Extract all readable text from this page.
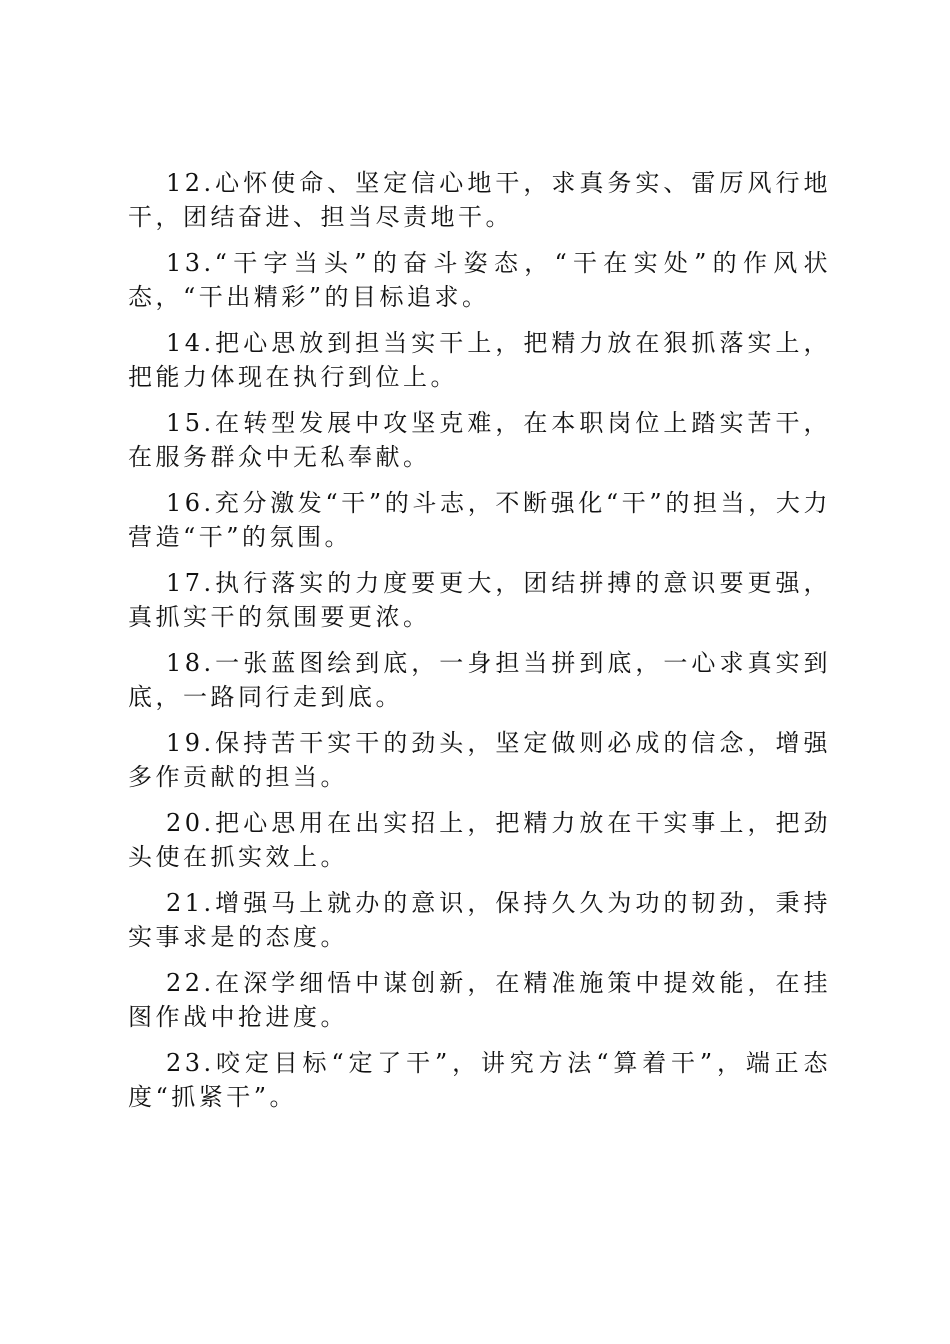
12.心怀使命、坚定信心地干，求真务实、雷厉风行地干，团结奋进、担当尽责地干。

13.“干字当头”的奋斗姿态，“干在实处”的作风状态，“干出精彩”的目标追求。

14.把心思放到担当实干上，把精力放在狠抓落实上，把能力体现在执行到位上。

15.在转型发展中攻坚克难，在本职岗位上踏实苦干，在服务群众中无私奉献。

16.充分激发“干”的斗志，不断强化“干”的担当，大力营造“干”的氛围。

17.执行落实的力度要更大，团结拼搏的意识要更强，真抓实干的氛围要更浓。

18.一张蓝图绘到底，一身担当拼到底，一心求真实到底，一路同行走到底。

19.保持苦干实干的劲头，坚定做则必成的信念，增强多作贡献的担当。

20.把心思用在出实招上，把精力放在干实事上，把劲头使在抓实效上。

21.增强马上就办的意识，保持久久为功的韧劲，秉持实事求是的态度。

22.在深学细悟中谋创新，在精准施策中提效能，在挂图作战中抢进度。

23.咬定目标“定了干”，讲究方法“算着干”，端正态度“抓紧干”。
